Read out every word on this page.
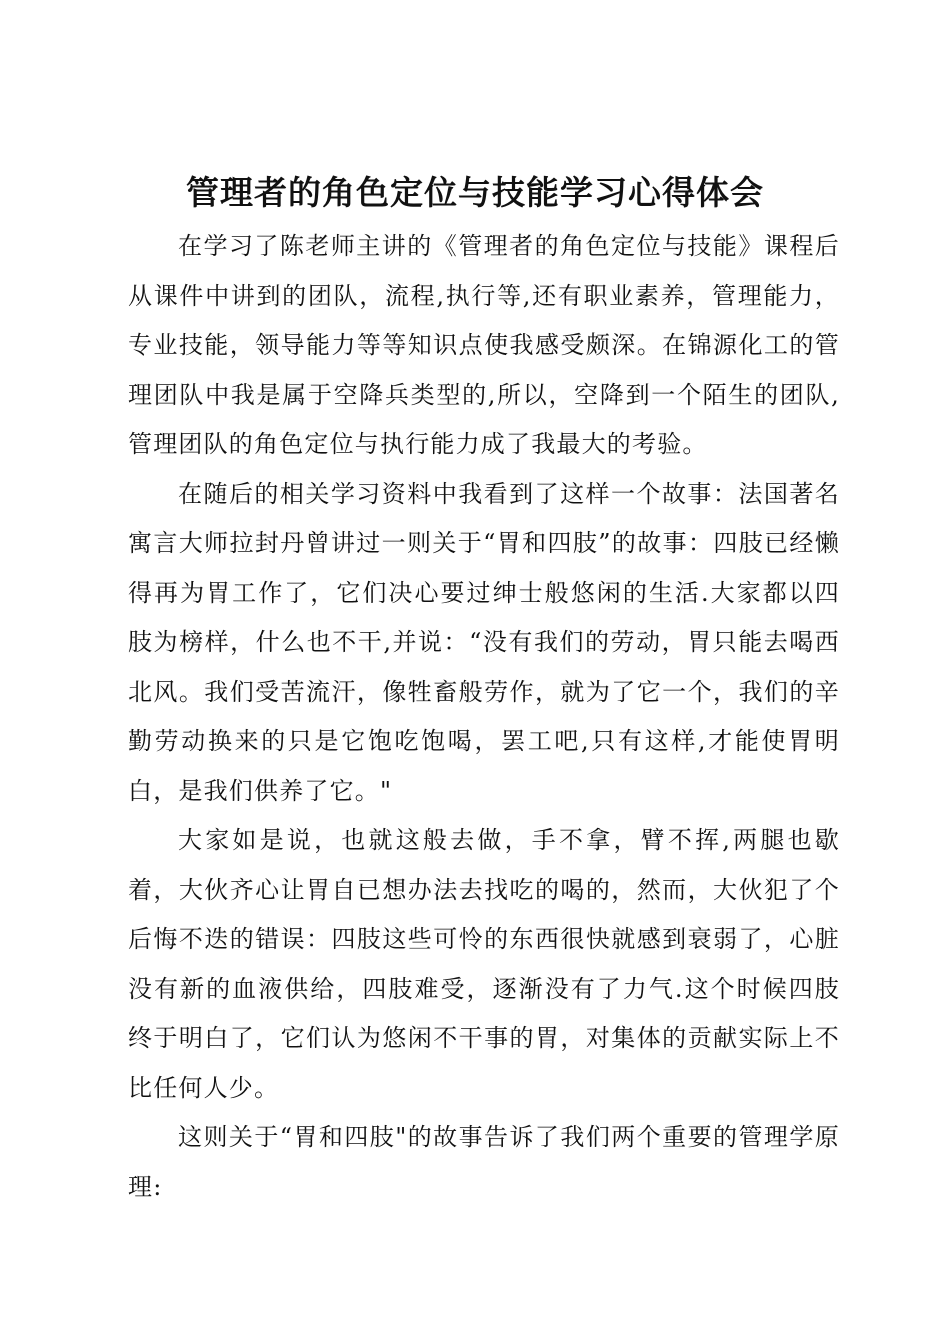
管理者的角色定位与技能学习心得体会

在学习了陈老师主讲的《管理者的角色定位与技能》课程后从课件中讲到的团队，流程,执行等,还有职业素养，管理能力，专业技能，领导能力等等知识点使我感受颇深。在锦源化工的管理团队中我是属于空降兵类型的,所以，空降到一个陌生的团队,管理团队的角色定位与执行能力成了我最大的考验。

在随后的相关学习资料中我看到了这样一个故事：法国著名寓言大师拉封丹曾讲过一则关于“胃和四肢”的故事：四肢已经懒得再为胃工作了，它们决心要过绅士般悠闲的生活.大家都以四肢为榜样，什么也不干,并说：“没有我们的劳动，胃只能去喝西北风。我们受苦流汗，像牲畜般劳作，就为了它一个，我们的辛勤劳动换来的只是它饱吃饱喝，罢工吧,只有这样,才能使胃明白，是我们供养了它。"

大家如是说，也就这般去做，手不拿，臂不挥,两腿也歇着，大伙齐心让胃自已想办法去找吃的喝的，然而，大伙犯了个后悔不迭的错误：四肢这些可怜的东西很快就感到衰弱了，心脏没有新的血液供给，四肢难受，逐渐没有了力气.这个时候四肢终于明白了，它们认为悠闲不干事的胃，对集体的贡献实际上不比任何人少。

这则关于“胃和四肢"的故事告诉了我们两个重要的管理学原理:
